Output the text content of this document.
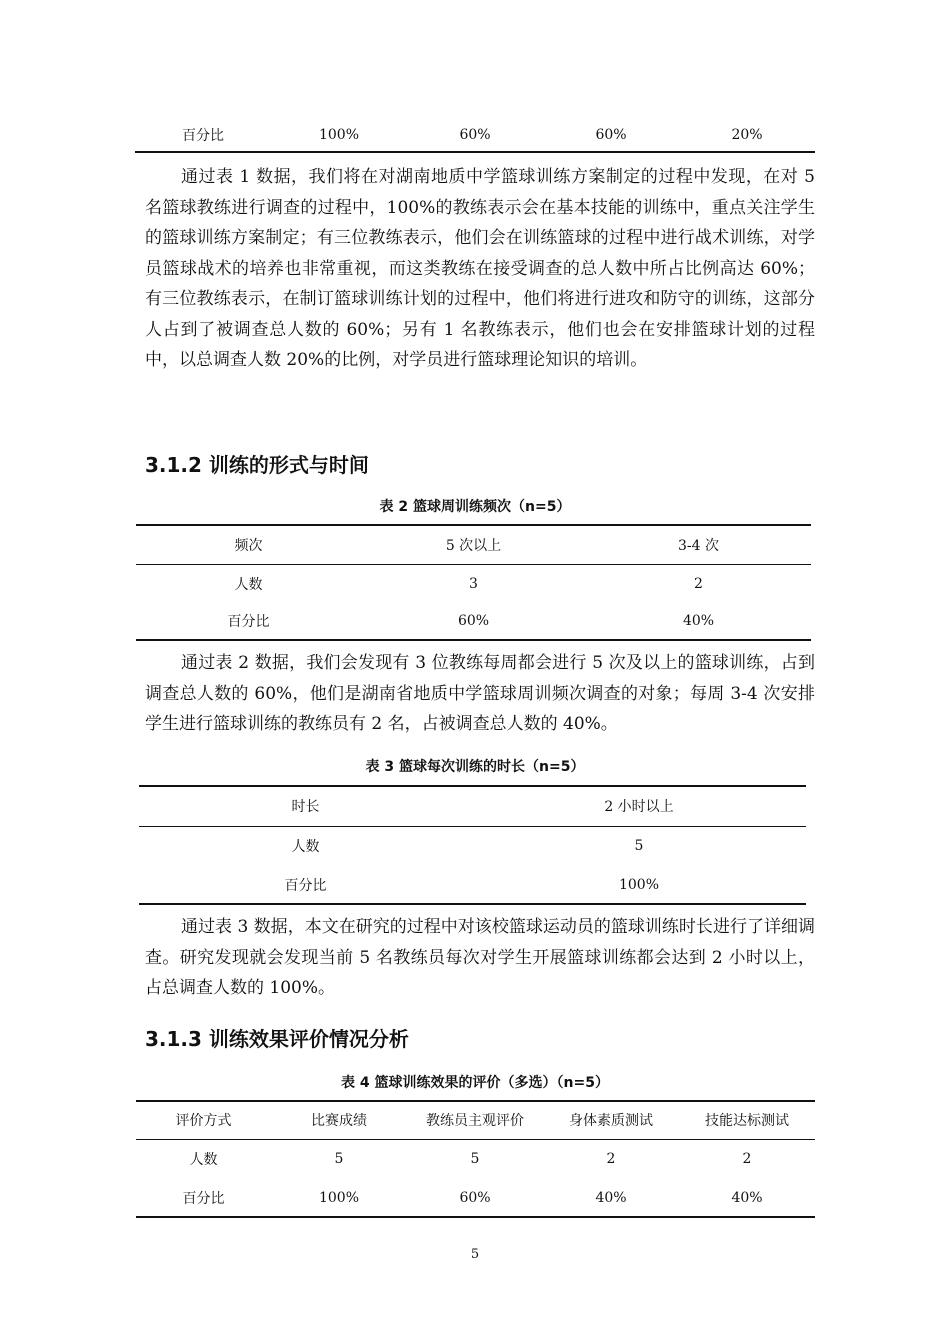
百分比	100%	60%	60%	20%

通过表 1 数据，我们将在对湖南地质中学篮球训练方案制定的过程中发现，在对 5 名篮球教练进行调查的过程中，100%的教练表示会在基本技能的训练中，重点关注学生的篮球训练方案制定；有三位教练表示，他们会在训练篮球的过程中进行战术训练，对学员篮球战术的培养也非常重视，而这类教练在接受调查的总人数中所占比例高达 60%；有三位教练表示，在制订篮球训练计划的过程中，他们将进行进攻和防守的训练，这部分人占到了被调查总人数的 60%；另有 1 名教练表示，他们也会在安排篮球计划的过程中，以总调查人数 20%的比例，对学员进行篮球理论知识的培训。

3.1.2 训练的形式与时间

表 2 篮球周训练频次（n=5）

频次	5 次以上	3-4 次
人数	3	2
百分比	60%	40%

通过表 2 数据，我们会发现有 3 位教练每周都会进行 5 次及以上的篮球训练，占到调查总人数的 60%，他们是湖南省地质中学篮球周训频次调查的对象；每周 3-4 次安排学生进行篮球训练的教练员有 2 名，占被调查总人数的 40%。

表 3 篮球每次训练的时长（n=5）

时长	2 小时以上
人数	5
百分比	100%

通过表 3 数据，本文在研究的过程中对该校篮球运动员的篮球训练时长进行了详细调查。研究发现就会发现当前 5 名教练员每次对学生开展篮球训练都会达到 2 小时以上，占总调查人数的 100%。

3.1.3 训练效果评价情况分析

表 4 篮球训练效果的评价（多选）（n=5）

评价方式	比赛成绩	教练员主观评价	身体素质测试	技能达标测试
人数	5	5	2	2
百分比	100%	60%	40%	40%
5
